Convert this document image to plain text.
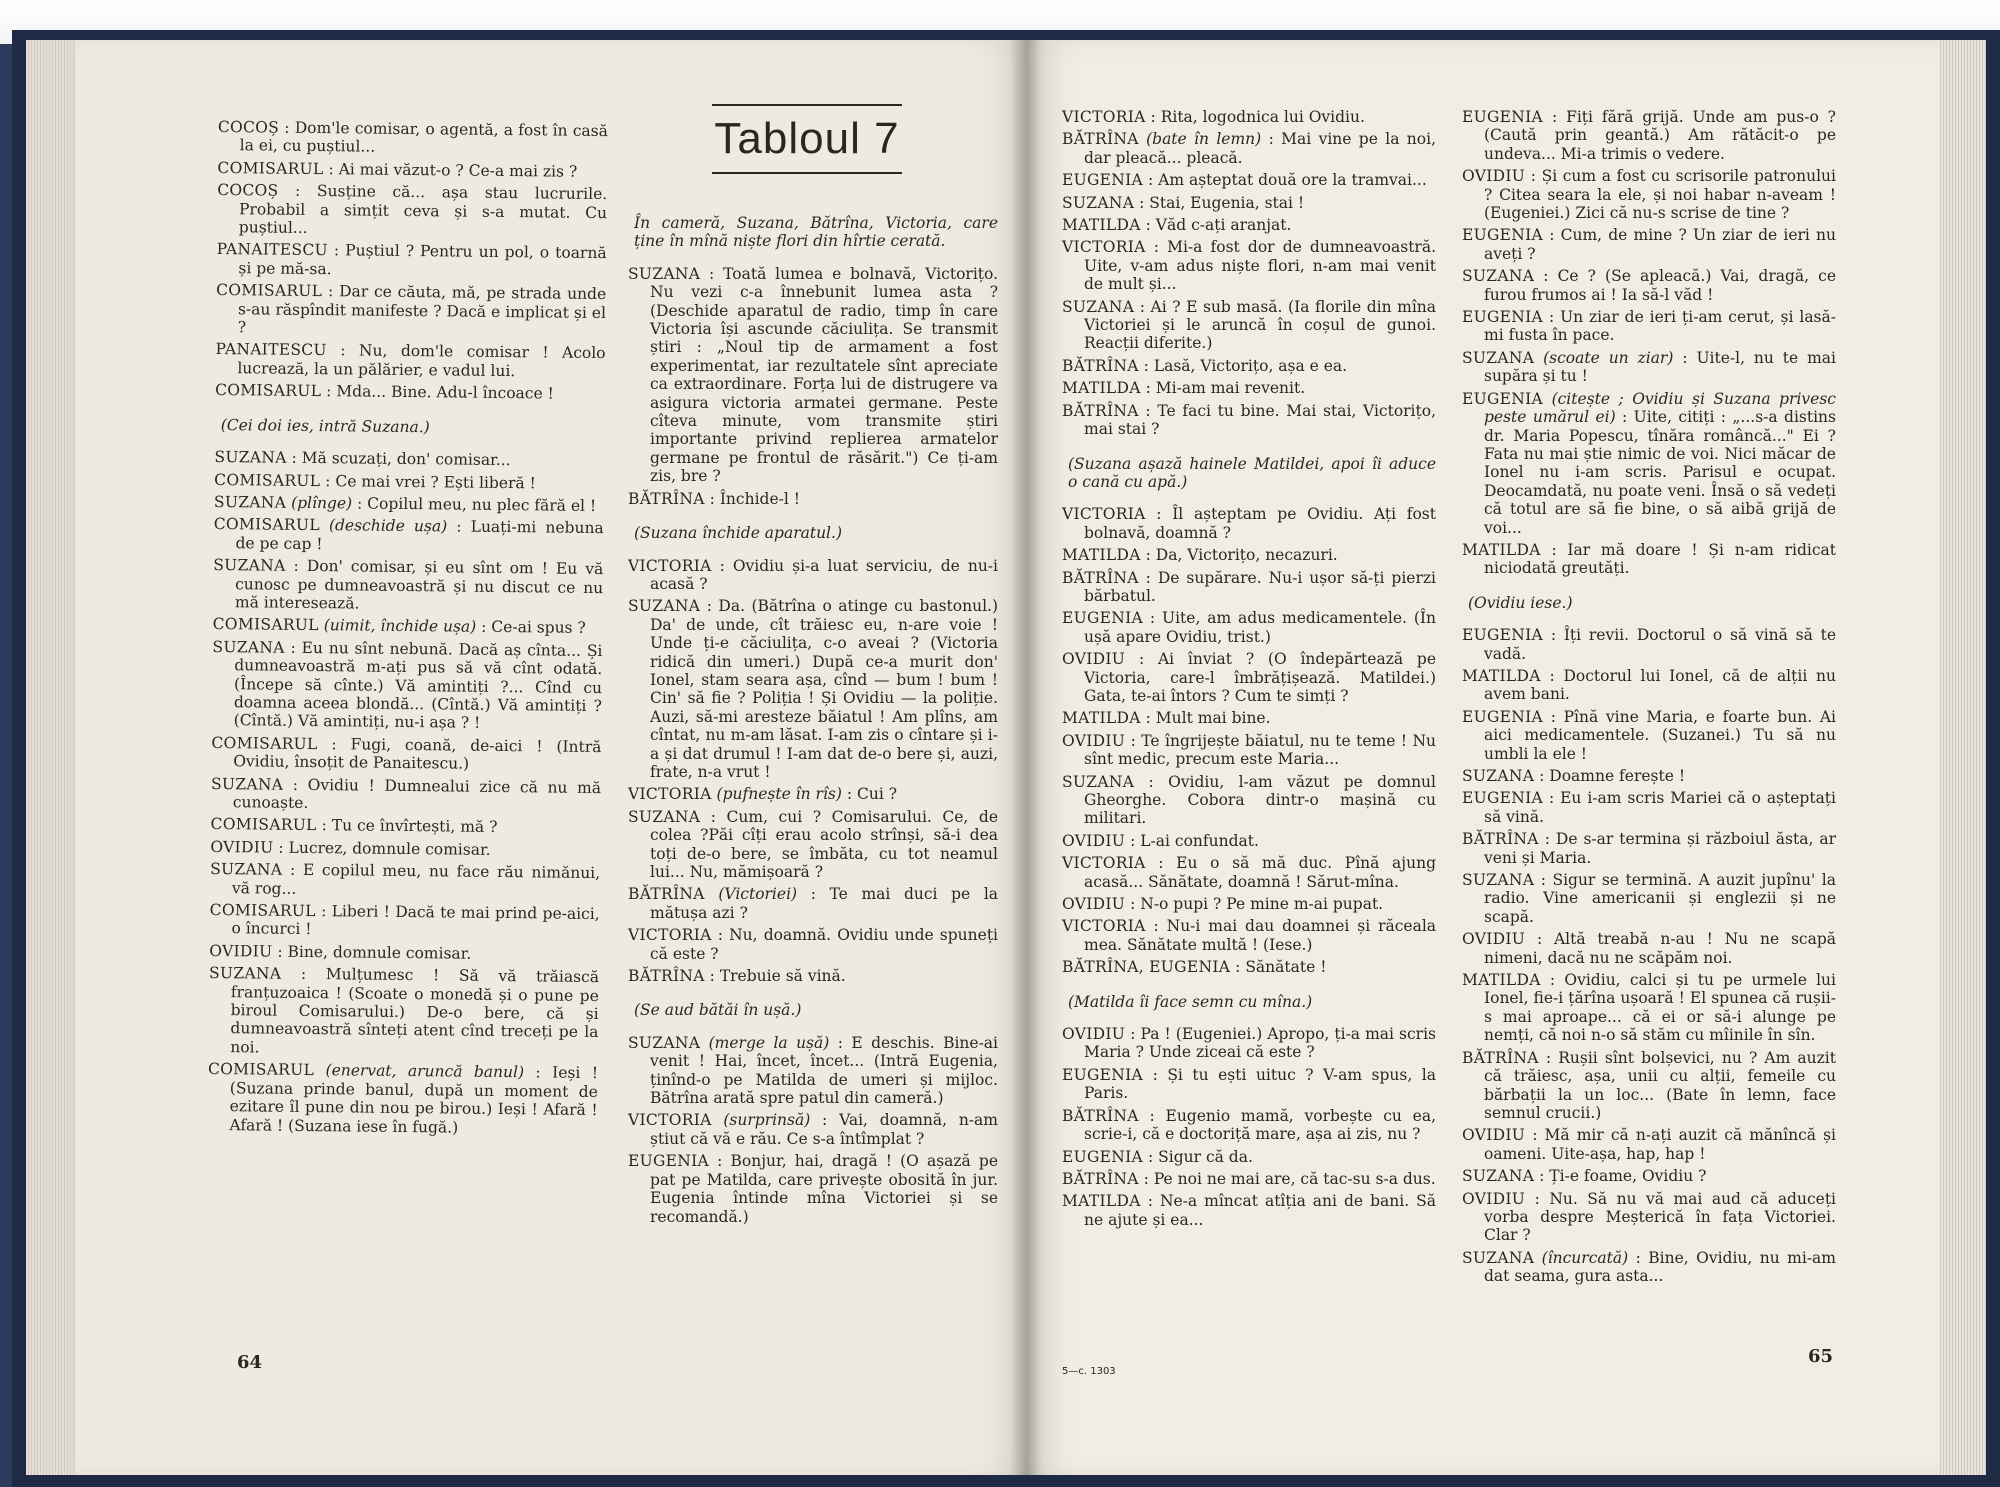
COCOȘ : Dom'le comisar, o agentă, a fost în casă la ei, cu puștiul...

COMISARUL : Ai mai văzut-o ? Ce-a mai zis ?

COCOȘ : Susține că... așa stau lucrurile. Probabil a simțit ceva și s-a mutat. Cu puștiul...

PANAITESCU : Puștiul ? Pentru un pol, o toarnă și pe mă-sa.

COMISARUL : Dar ce căuta, mă, pe strada unde s-au răspîndit manifeste ? Dacă e implicat și el ?

PANAITESCU : Nu, dom'le comisar ! Acolo lucrează, la un pălărier, e vadul lui.

COMISARUL : Mda... Bine. Adu-l încoace !

(Cei doi ies, intră Suzana.)

SUZANA : Mă scuzați, don' comisar...

COMISARUL : Ce mai vrei ? Ești liberă !

SUZANA (plînge) : Copilul meu, nu plec fără el !

COMISARUL (deschide ușa) : Luați-mi nebuna de pe cap !

SUZANA : Don' comisar, și eu sînt om ! Eu vă cunosc pe dumneavoastră și nu discut ce nu mă interesează.

COMISARUL (uimit, închide ușa) : Ce-ai spus ?

SUZANA : Eu nu sînt nebună. Dacă aș cînta... Și dumneavoastră m-ați pus să vă cînt odată. (Începe să cînte.) Vă amintiți ?... Cînd cu doamna aceea blondă... (Cîntă.) Vă amintiți ? (Cîntă.) Vă amintiți, nu-i așa ? !

COMISARUL : Fugi, coană, de-aici ! (Intră Ovidiu, însoțit de Panaitescu.)

SUZANA : Ovidiu ! Dumnealui zice că nu mă cunoaște.

COMISARUL : Tu ce învîrtești, mă ?

OVIDIU : Lucrez, domnule comisar.

SUZANA : E copilul meu, nu face rău nimănui, vă rog...

COMISARUL : Liberi ! Dacă te mai prind pe-aici, o încurci !

OVIDIU : Bine, domnule comisar.

SUZANA : Mulțumesc ! Să vă trăiască franțuzoaica ! (Scoate o monedă și o pune pe biroul Comisarului.) De-o bere, că și dumneavoastră sînteți atent cînd treceți pe la noi.

COMISARUL (enervat, aruncă banul) : Ieși ! (Suzana prinde banul, după un moment de ezitare îl pune din nou pe birou.) Ieși ! Afară ! Afară ! (Suzana iese în fugă.)

Tabloul 7

În cameră, Suzana, Bătrîna, Victoria, care ține în mînă niște flori din hîrtie cerată.

SUZANA : Toată lumea e bolnavă, Victorițo. Nu vezi c-a înnebunit lumea asta ? (Deschide aparatul de radio, timp în care Victoria își ascunde căciulița. Se transmit știri : „Noul tip de armament a fost experimentat, iar rezultatele sînt apreciate ca extraordinare. Forța lui de distrugere va asigura victoria armatei germane. Peste cîteva minute, vom transmite știri importante privind replierea armatelor germane pe frontul de răsărit.") Ce ți-am zis, bre ?

BĂTRÎNA : Închide-l !

(Suzana închide aparatul.)

VICTORIA : Ovidiu și-a luat serviciu, de nu-i acasă ?

SUZANA : Da. (Bătrîna o atinge cu bastonul.) Da' de unde, cît trăiesc eu, n-are voie ! Unde ți-e căciulița, c-o aveai ? (Victoria ridică din umeri.) După ce-a murit don' Ionel, stam seara așa, cînd — bum ! bum ! Cin' să fie ? Poliția ! Și Ovidiu — la poliție. Auzi, să-mi aresteze băiatul ! Am plîns, am cîntat, nu m-am lăsat. I-am zis o cîntare și i-a și dat drumul ! I-am dat de-o bere și, auzi, frate, n-a vrut !

VICTORIA (pufnește în rîs) : Cui ?

SUZANA : Cum, cui ? Comisarului. Ce, de colea ?Păi cîți erau acolo strînși, să-i dea toți de-o bere, se îmbăta, cu tot neamul lui... Nu, mămișoară ?

BĂTRÎNA (Victoriei) : Te mai duci pe la mătușa azi ?

VICTORIA : Nu, doamnă. Ovidiu unde spuneți că este ?

BĂTRÎNA : Trebuie să vină.

(Se aud bătăi în ușă.)

SUZANA (merge la ușă) : E deschis. Bine-ai venit ! Hai, încet, încet... (Intră Eugenia, ținînd-o pe Matilda de umeri și mijloc. Bătrîna arată spre patul din cameră.)

VICTORIA (surprinsă) : Vai, doamnă, n-am știut că vă e rău. Ce s-a întîmplat ?

EUGENIA : Bonjur, hai, dragă ! (O așază pe pat pe Matilda, care privește obosită în jur. Eugenia întinde mîna Victoriei și se recomandă.)

VICTORIA : Rita, logodnica lui Ovidiu.

BĂTRÎNA (bate în lemn) : Mai vine pe la noi, dar pleacă... pleacă.

EUGENIA : Am așteptat două ore la tramvai...

SUZANA : Stai, Eugenia, stai !

MATILDA : Văd c-ați aranjat.

VICTORIA : Mi-a fost dor de dumneavoastră. Uite, v-am adus niște flori, n-am mai venit de mult și...

SUZANA : Ai ? E sub masă. (Ia florile din mîna Victoriei și le aruncă în coșul de gunoi. Reacții diferite.)

BĂTRÎNA : Lasă, Victorițo, așa e ea.

MATILDA : Mi-am mai revenit.

BĂTRÎNA : Te faci tu bine. Mai stai, Victorițo, mai stai ?

(Suzana așază hainele Matildei, apoi îi aduce o cană cu apă.)

VICTORIA : Îl așteptam pe Ovidiu. Ați fost bolnavă, doamnă ?

MATILDA : Da, Victorițo, necazuri.

BĂTRÎNA : De supărare. Nu-i ușor să-ți pierzi bărbatul.

EUGENIA : Uite, am adus medicamentele. (În ușă apare Ovidiu, trist.)

OVIDIU : Ai înviat ? (O îndepărtează pe Victoria, care-l îmbrățișează. Matildei.) Gata, te-ai întors ? Cum te simți ?

MATILDA : Mult mai bine.

OVIDIU : Te îngrijește băiatul, nu te teme ! Nu sînt medic, precum este Maria...

SUZANA : Ovidiu, l-am văzut pe domnul Gheorghe. Cobora dintr-o mașină cu militari.

OVIDIU : L-ai confundat.

VICTORIA : Eu o să mă duc. Pînă ajung acasă... Sănătate, doamnă ! Sărut-mîna.

OVIDIU : N-o pupi ? Pe mine m-ai pupat.

VICTORIA : Nu-i mai dau doamnei și răceala mea. Sănătate multă ! (Iese.)

BĂTRÎNA, EUGENIA : Sănătate !

(Matilda îi face semn cu mîna.)

OVIDIU : Pa ! (Eugeniei.) Apropo, ți-a mai scris Maria ? Unde ziceai că este ?

EUGENIA : Și tu ești uituc ? V-am spus, la Paris.

BĂTRÎNA : Eugenio mamă, vorbește cu ea, scrie-i, că e doctoriță mare, așa ai zis, nu ?

EUGENIA : Sigur că da.

BĂTRÎNA : Pe noi ne mai are, că tac-su s-a dus.

MATILDA : Ne-a mîncat atîția ani de bani. Să ne ajute și ea...

EUGENIA : Fiți fără grijă. Unde am pus-o ? (Caută prin geantă.) Am rătăcit-o pe undeva... Mi-a trimis o vedere.

OVIDIU : Și cum a fost cu scrisorile patronului ? Citea seara la ele, și noi habar n-aveam ! (Eugeniei.) Zici că nu-s scrise de tine ?

EUGENIA : Cum, de mine ? Un ziar de ieri nu aveți ?

SUZANA : Ce ? (Se apleacă.) Vai, dragă, ce furou frumos ai ! Ia să-l văd !

EUGENIA : Un ziar de ieri ți-am cerut, și lasă-mi fusta în pace.

SUZANA (scoate un ziar) : Uite-l, nu te mai supăra și tu !

EUGENIA (citește ; Ovidiu și Suzana privesc peste umărul ei) : Uite, citiți : „...s-a distins dr. Maria Popescu, tînăra româncă..." Ei ? Fata nu mai știe nimic de voi. Nici măcar de Ionel nu i-am scris. Parisul e ocupat. Deocamdată, nu poate veni. Însă o să vedeți că totul are să fie bine, o să aibă grijă de voi...

MATILDA : Iar mă doare ! Și n-am ridicat niciodată greutăți.

(Ovidiu iese.)

EUGENIA : Îți revii. Doctorul o să vină să te vadă.

MATILDA : Doctorul lui Ionel, că de alții nu avem bani.

EUGENIA : Pînă vine Maria, e foarte bun. Ai aici medicamentele. (Suzanei.) Tu să nu umbli la ele !

SUZANA : Doamne ferește !

EUGENIA : Eu i-am scris Mariei că o așteptați să vină.

BĂTRÎNA : De s-ar termina și războiul ăsta, ar veni și Maria.

SUZANA : Sigur se termină. A auzit jupînu' la radio. Vine americanii și englezii și ne scapă.

OVIDIU : Altă treabă n-au ! Nu ne scapă nimeni, dacă nu ne scăpăm noi.

MATILDA : Ovidiu, calci și tu pe urmele lui Ionel, fie-i țărîna ușoară ! El spunea că rușii-s mai aproape... că ei or să-i alunge pe nemți, că noi n-o să stăm cu mîinile în sîn.

BĂTRÎNA : Rușii sînt bolșevici, nu ? Am auzit că trăiesc, așa, unii cu alții, femeile cu bărbații la un loc... (Bate în lemn, face semnul crucii.)

OVIDIU : Mă mir că n-ați auzit că mănîncă și oameni. Uite-așa, hap, hap !

SUZANA : Ți-e foame, Ovidiu ?

OVIDIU : Nu. Să nu vă mai aud că aduceți vorba despre Meșterică în fața Victoriei. Clar ?

SUZANA (încurcată) : Bine, Ovidiu, nu mi-am dat seama, gura asta...

64	65
5—c. 1303
